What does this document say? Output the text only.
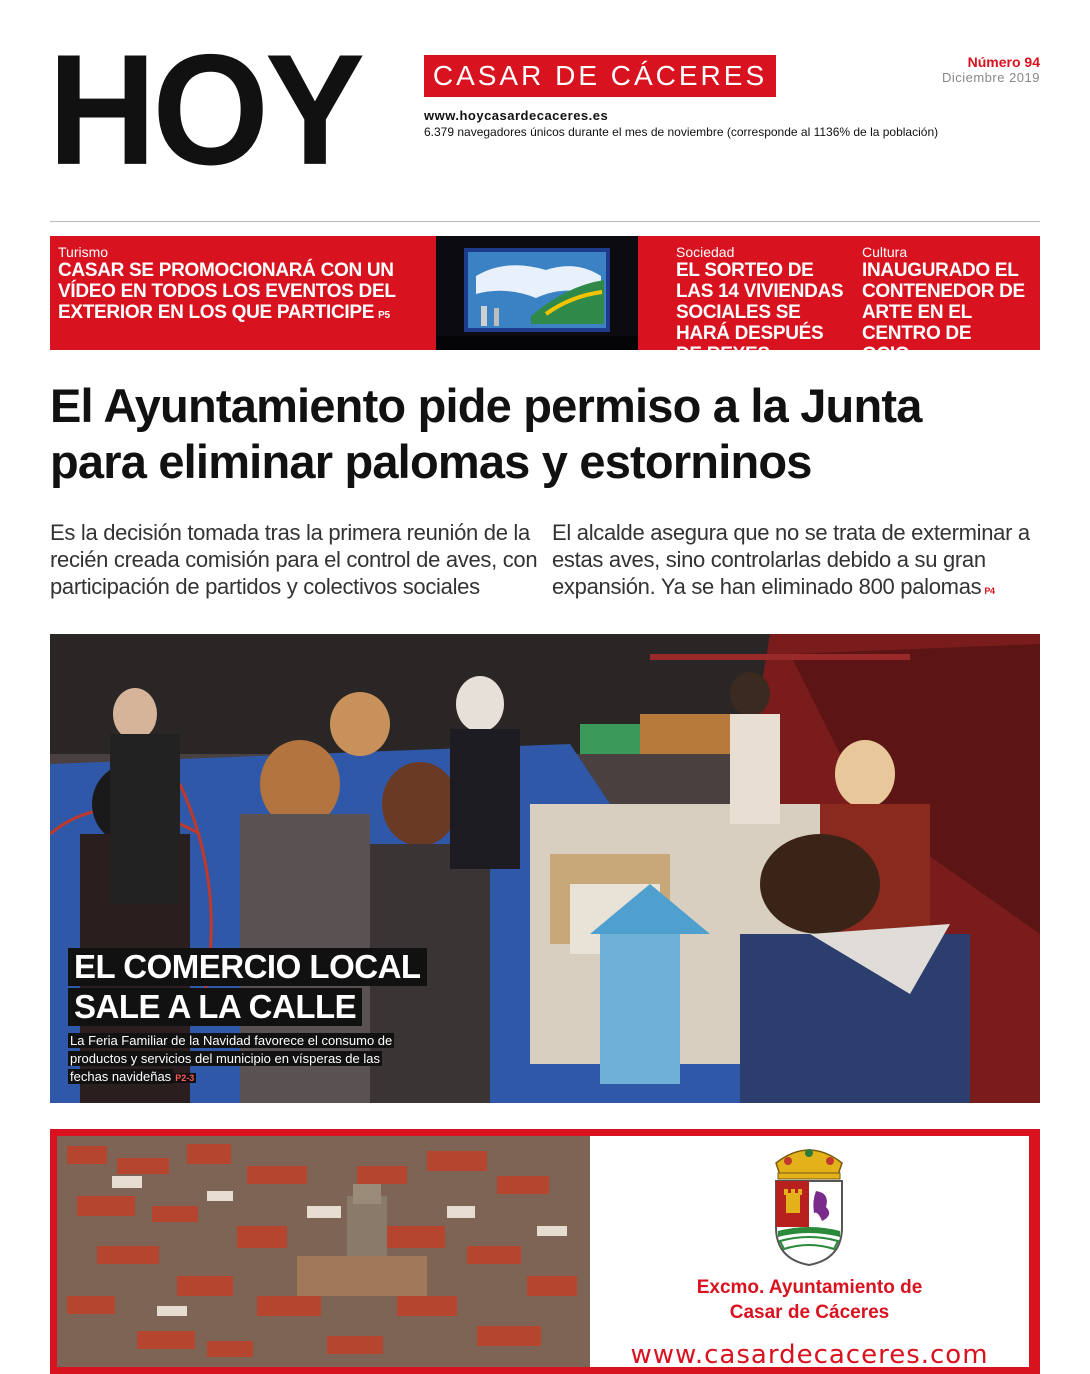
HOY	CASAR DE CÁCERES
www.hoycasardecaceres.es
6.379 navegadores únicos durante el mes de noviembre (corresponde al 1136% de la población)
Número 94
Diciembre 2019
Turismo
CASAR SE PROMOCIONARÁ CON UN VÍDEO EN TODOS LOS EVENTOS DEL EXTERIOR EN LOS QUE PARTICIPE P5
Sociedad
EL SORTEO DE LAS 14 VIVIENDAS SOCIALES SE HARÁ DESPUÉS DE REYES P7
Cultura
INAUGURADO EL CONTENEDOR DE ARTE EN EL CENTRO DE OCIO P11
El Ayuntamiento pide permiso a la Junta
para eliminar palomas y estorninos
Es la decisión tomada tras la primera reunión de la recién creada comisión para el control de aves, con participación de partidos y colectivos sociales
El alcalde asegura que no se trata de exterminar a estas aves, sino controlarlas debido a su gran expansión. Ya se han eliminado 800 palomas P4
EL COMERCIO LOCAL
SALE A LA CALLE
La Feria Familiar de la Navidad favorece el consumo de productos y servicios del municipio en vísperas de las fechas navideñas P2-3
Excmo. Ayuntamiento de
Casar de Cáceres
www.casardecaceres.com
